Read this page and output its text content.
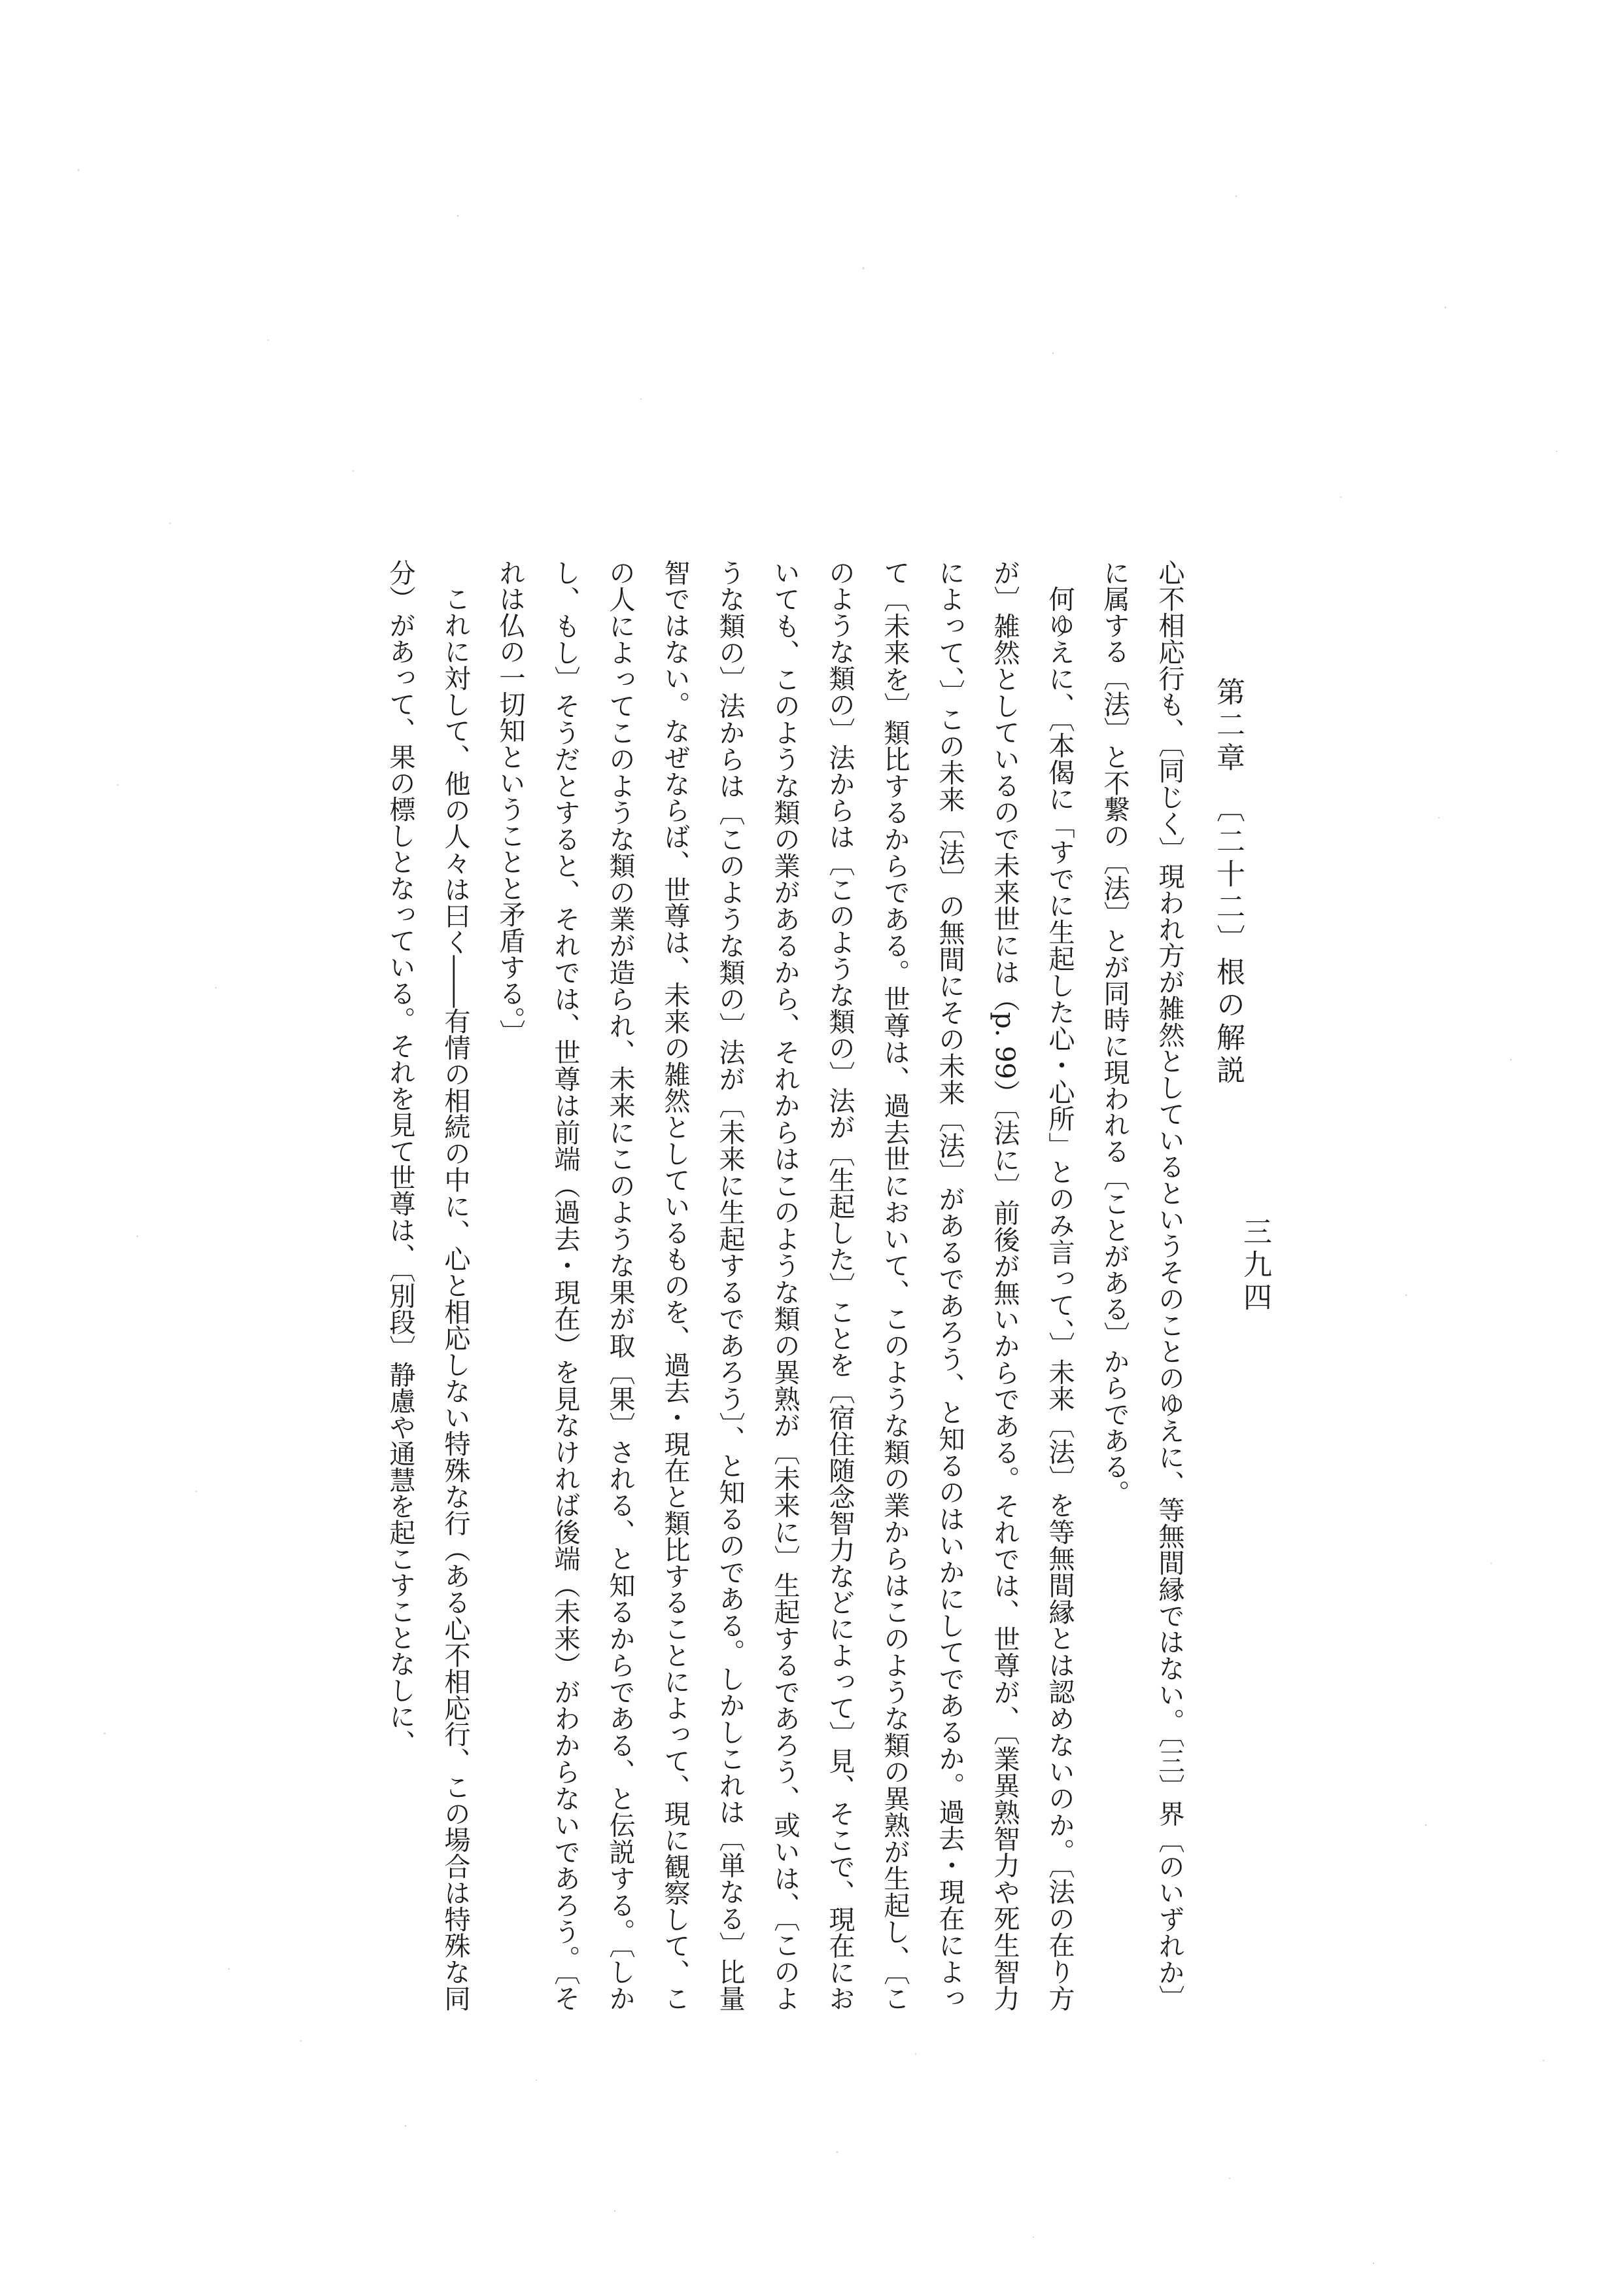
第二章　〔二十二〕根の解説
三九四

心不相応行も、〔同じく〕現われ方が雑然としているというそのことのゆえに、等無間縁ではない。〔三〕界〔のいずれか〕に属する〔法〕と不繋の〔法〕とが同時に現われる〔ことがある〕からである。

何ゆえに、〔本偈に「すでに生起した心・心所」とのみ言って、〕未来〔法〕を等無間縁とは認めないのか。〔法の在り方が〕雑然としているので未来世には（p. 99）〔法に〕前後が無いからである。それでは、世尊が、〔業異熟智力や死生智力によって、〕この未来〔法〕の無間にその未来〔法〕があるであろう、と知るのはいかにしてであるか。過去・現在によって〔未来を〕類比するからである。世尊は、過去世において、このような類の業からはこのような類の異熟が生起し、〔このような類の〕法からは〔このような類の〕法が〔生起した〕ことを〔宿住随念智力などによって〕見、そこで、現在においても、このような類の業があるから、それからはこのような類の異熟が〔未来に〕生起するであろう、或いは、〔このような類の〕法からは〔このような類の〕法が〔未来に生起するであろう〕、と知るのである。しかしこれは〔単なる〕比量智ではない。なぜならば、世尊は、未来の雑然としているものを、過去・現在と類比することによって、現に観察して、この人によってこのような類の業が造られ、未来にこのような果が取〔果〕される、と知るからである、と伝説する。〔しかし、もし〕そうだとすると、それでは、世尊は前端（過去・現在）を見なければ後端（未来）がわからないであろう。〔それは仏の一切知ということと矛盾する。〕

これに対して、他の人々は曰く――有情の相続の中に、心と相応しない特殊な行（ある心不相応行、この場合は特殊な同分）があって、果の標しとなっている。それを見て世尊は、〔別段〕静慮や通慧を起こすことなしに、
